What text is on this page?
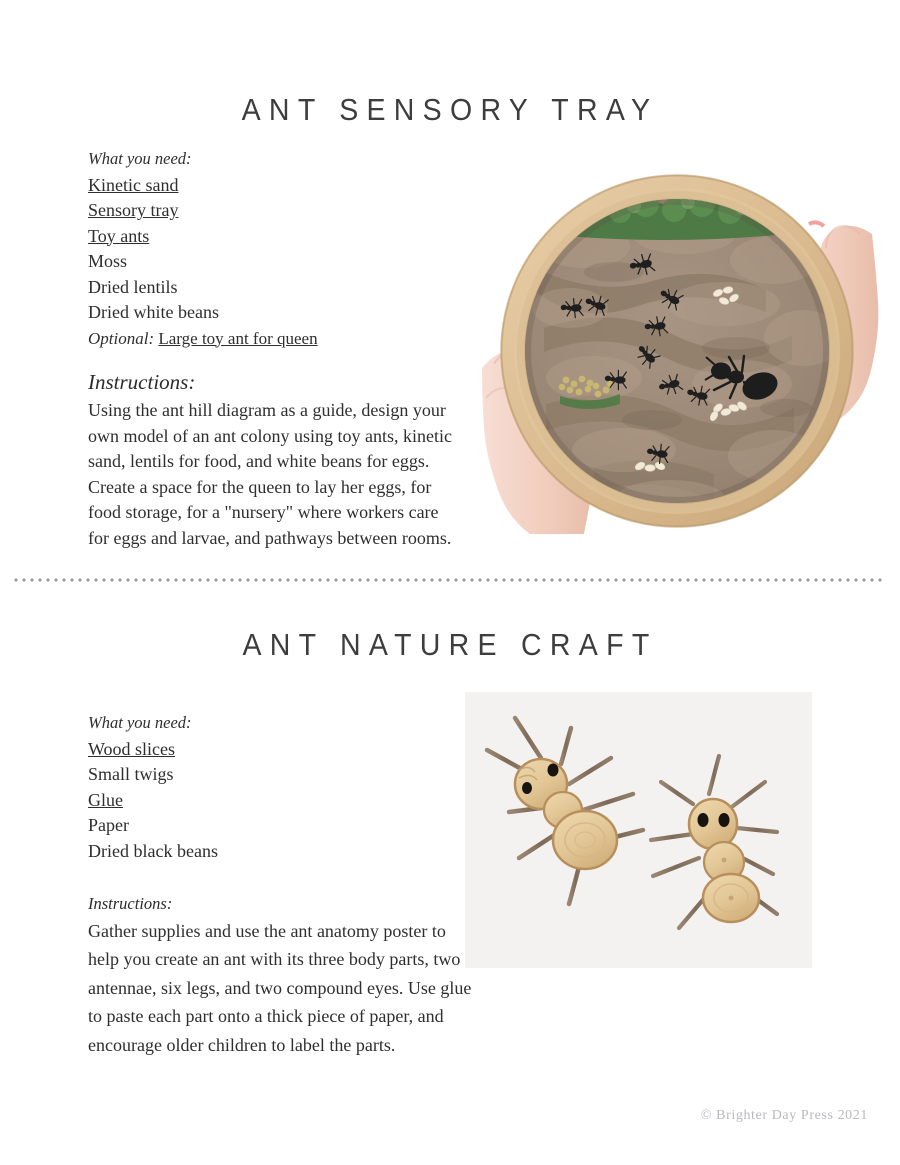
ANT SENSORY TRAY

What you need:

Kinetic sand
Sensory tray
Toy ants
Moss
Dried lentils
Dried white beans
Optional: Large toy ant for queen

Instructions:

Using the ant hill diagram as a guide, design your own model of an ant colony using toy ants, kinetic sand, lentils for food, and white beans for eggs. Create a space for the queen to lay her eggs, for food storage, for a "nursery" where workers care for eggs and larvae, and pathways between rooms.

ANT NATURE CRAFT

What you need:

Wood slices
Small twigs
Glue
Paper
Dried black beans

Instructions:

Gather supplies and use the ant anatomy poster to help you create an ant with its three body parts, two antennae, six legs, and two compound eyes. Use glue to paste each part onto a thick piece of paper, and encourage older children to label the parts.

© Brighter Day Press 2021
